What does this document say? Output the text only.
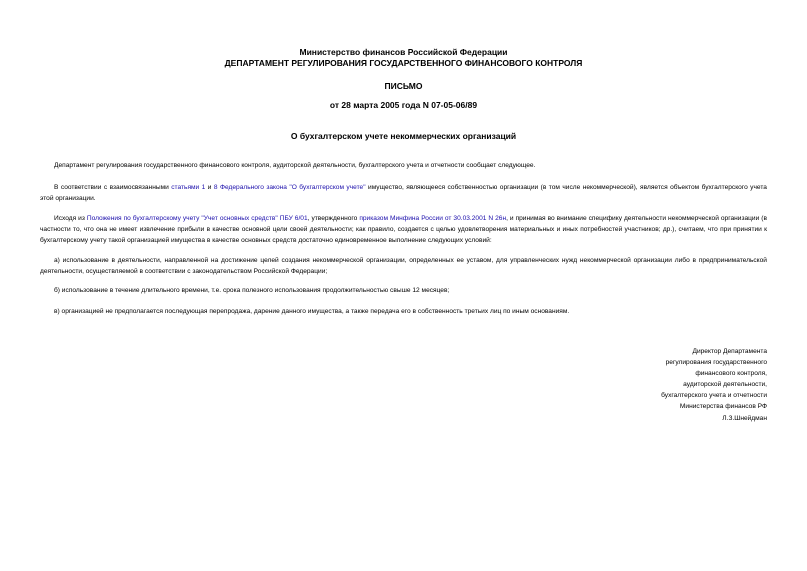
Министерство финансов Российской Федерации
ДЕПАРТАМЕНТ РЕГУЛИРОВАНИЯ ГОСУДАРСТВЕННОГО ФИНАНСОВОГО КОНТРОЛЯ
ПИСЬМО
от 28 марта 2005 года N 07-05-06/89
О бухгалтерском учете некоммерческих организаций

Департамент регулирования государственного финансового контроля, аудиторской деятельности, бухгалтерского учета и отчетности сообщает следующее.

В соответствии с взаимосвязанными статьями 1 и 8 Федерального закона "О бухгалтерском учете" имущество, являющееся собственностью организации (в том числе некоммерческой), является объектом бухгалтерского учета этой организации.

Исходя из Положения по бухгалтерскому учету "Учет основных средств" ПБУ 6/01, утвержденного приказом Минфина России от 30.03.2001 N 26н, и принимая во внимание специфику деятельности некоммерческой организации (в частности то, что она не имеет извлечение прибыли в качестве основной цели своей деятельности; как правило, создается с целью удовлетворения материальных и иных потребностей участников; др.), считаем, что при принятии к бухгалтерскому учету такой организацией имущества в качестве основных средств достаточно единовременное выполнение следующих условий:

а) использование в деятельности, направленной на достижение целей создания некоммерческой организации, определенных ее уставом, для управленческих нужд некоммерческой организации либо в предпринимательской деятельности, осуществляемой в соответствии с законодательством Российской Федерации;

б) использование в течение длительного времени, т.е. срока полезного использования продолжительностью свыше 12 месяцев;

в) организацией не предполагается последующая перепродажа, дарение данного имущества, а также передача его в собственность третьих лиц по иным основаниям.

Директор Департамента
регулирования государственного
финансового контроля,
аудиторской деятельности,
бухгалтерского учета и отчетности
Министерства финансов РФ
Л.З.Шнейдман
